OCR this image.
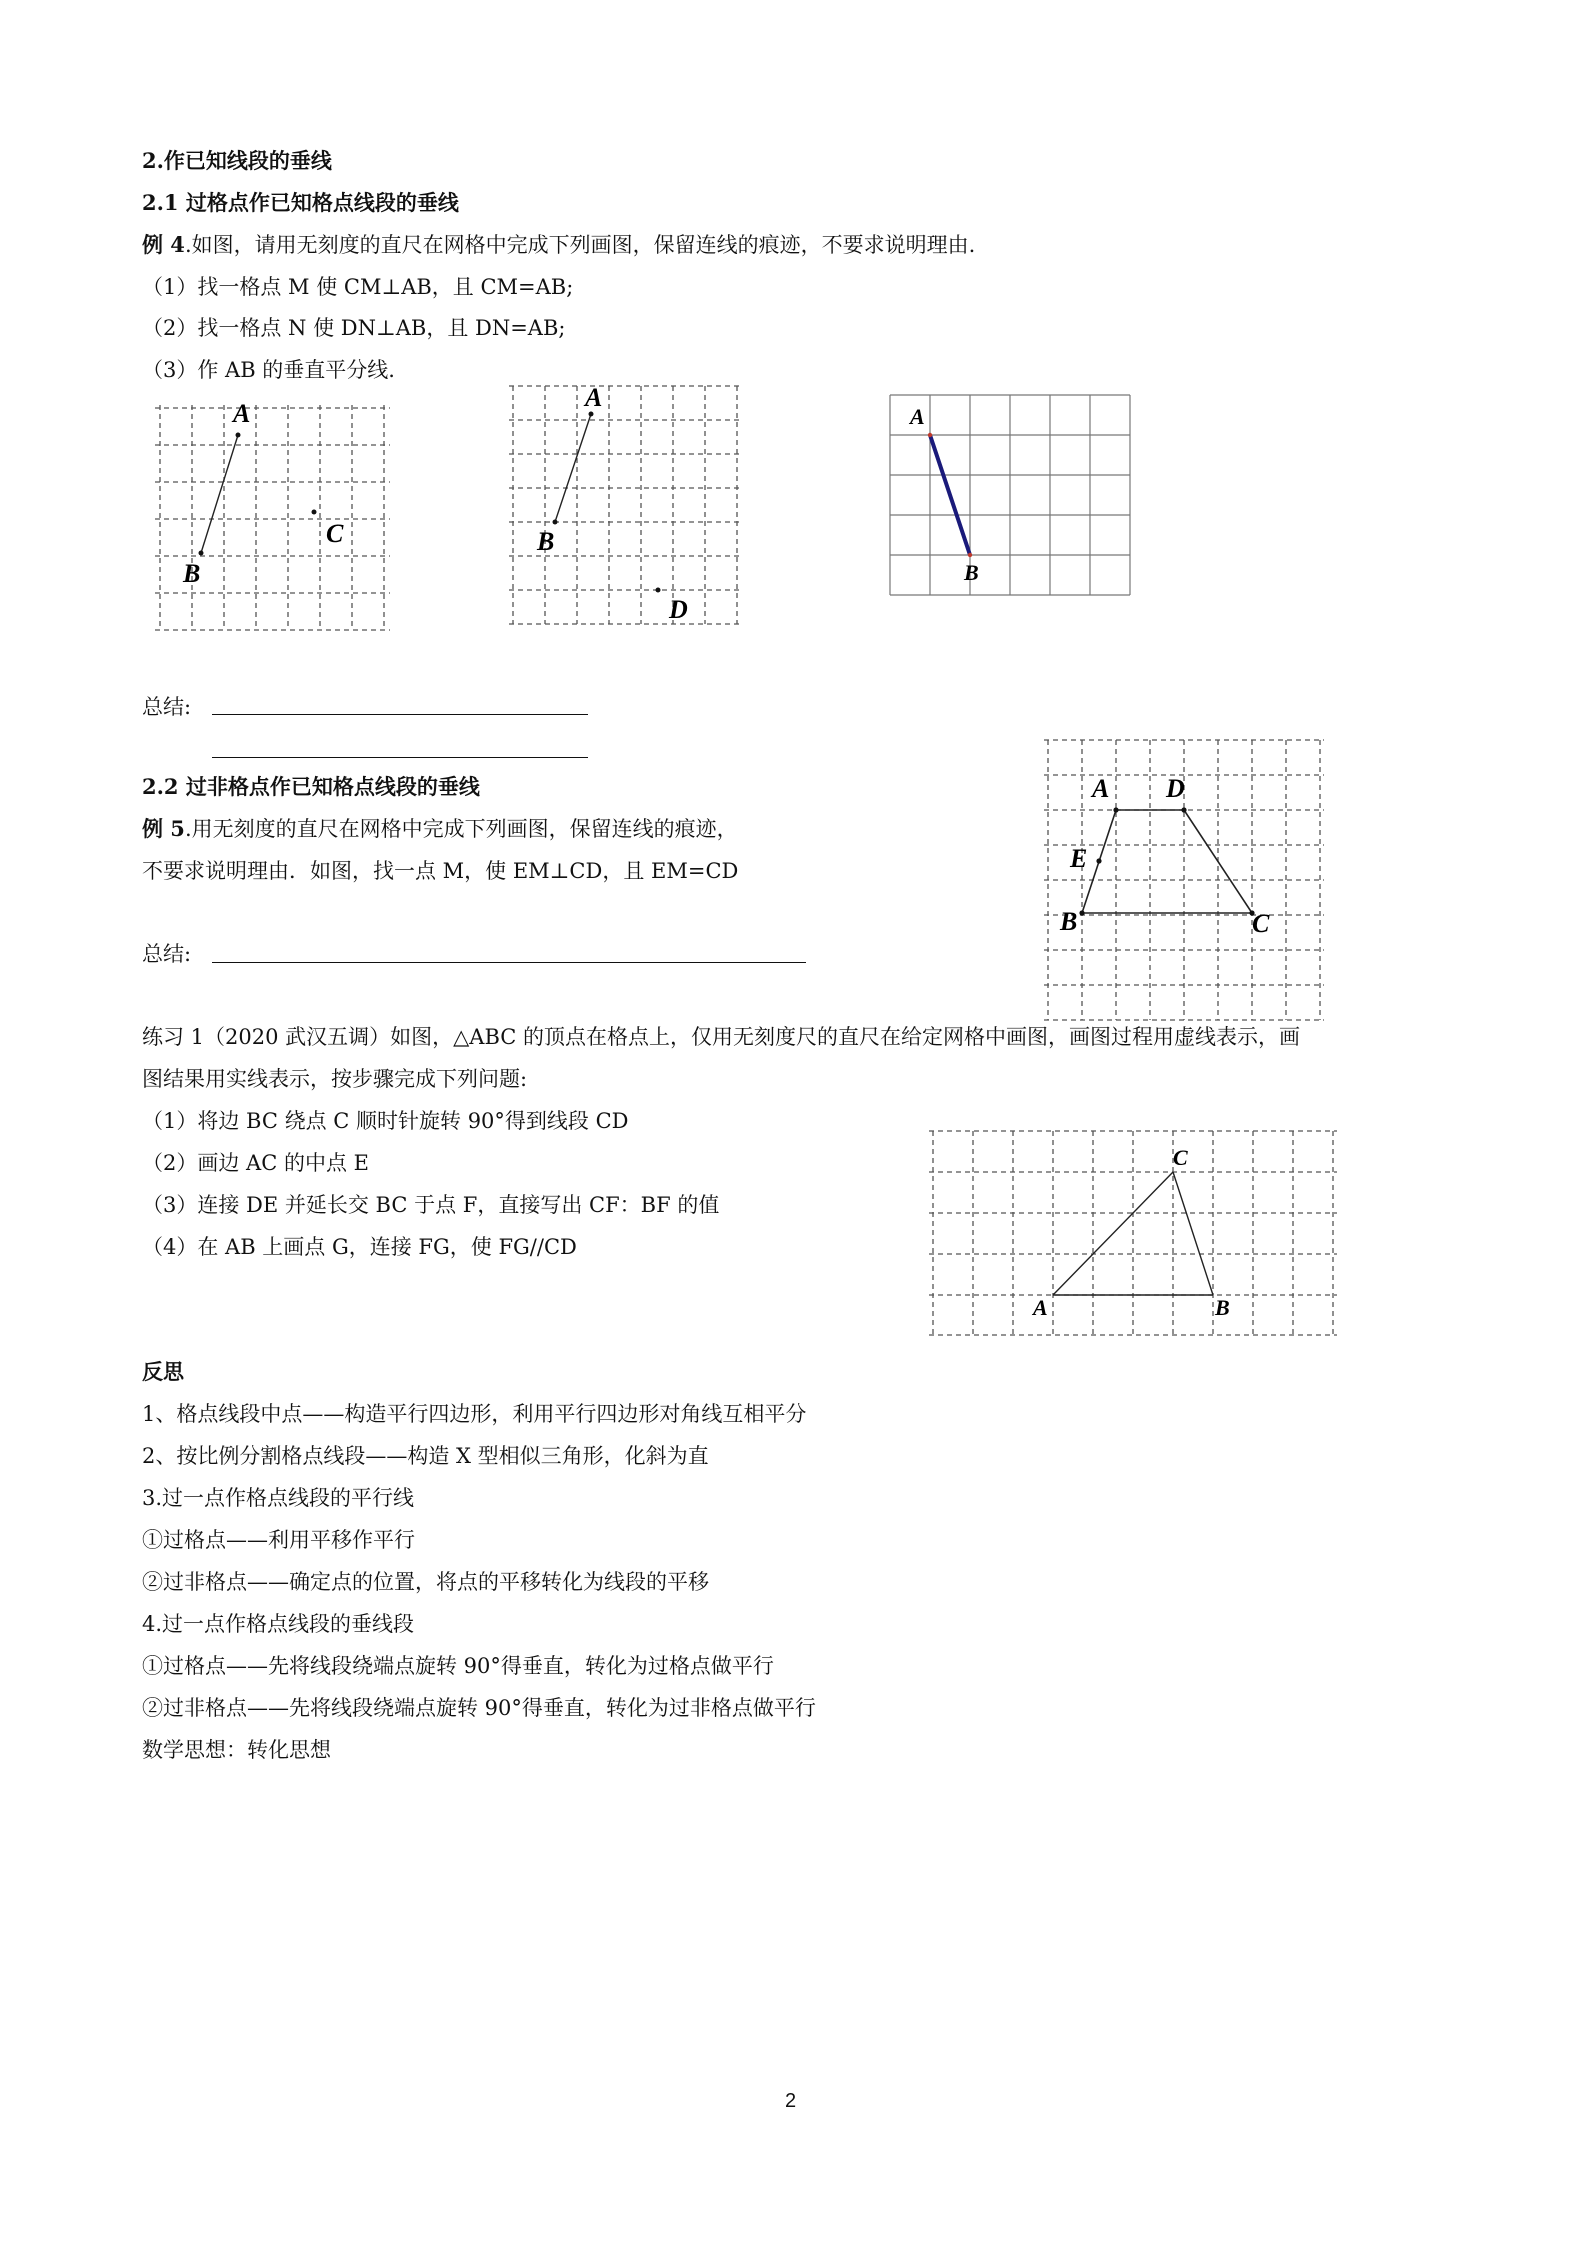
2.作已知线段的垂线
2.1 过格点作已知格点线段的垂线
例 4.如图，请用无刻度的直尺在网格中完成下列画图，保留连线的痕迹，不要求说明理由.
（1）找一格点 M 使 CM⊥AB，且 CM=AB;
（2）找一格点 N 使 DN⊥AB，且 DN=AB;
（3）作 AB 的垂直平分线.
A
B
C
A
B
D
A
B
总结:
2.2 过非格点作已知格点线段的垂线
例 5.用无刻度的直尺在网格中完成下列画图，保留连线的痕迹，
不要求说明理由．如图，找一点 M，使 EM⊥CD，且 EM=CD
总结:
A D
E
B	C
练习 1（2020 武汉五调）如图，△ABC 的顶点在格点上，仅用无刻度尺的直尺在给定网格中画图，画图过程用虚线表示，画
图结果用实线表示，按步骤完成下列问题:
（1）将边 BC 绕点 C 顺时针旋转 90°得到线段 CD
（2）画边 AC 的中点 E
（3）连接 DE 并延长交 BC 于点 F，直接写出 CF：BF 的值
（4）在 AB 上画点 G，连接 FG，使 FG//CD
C
A	B
反思
1、格点线段中点——构造平行四边形，利用平行四边形对角线互相平分
2、按比例分割格点线段——构造 X 型相似三角形，化斜为直
3.过一点作格点线段的平行线
①过格点——利用平移作平行
②过非格点——确定点的位置，将点的平移转化为线段的平移
4.过一点作格点线段的垂线段
①过格点——先将线段绕端点旋转 90°得垂直，转化为过格点做平行
②过非格点——先将线段绕端点旋转 90°得垂直，转化为过非格点做平行
数学思想：转化思想
2
